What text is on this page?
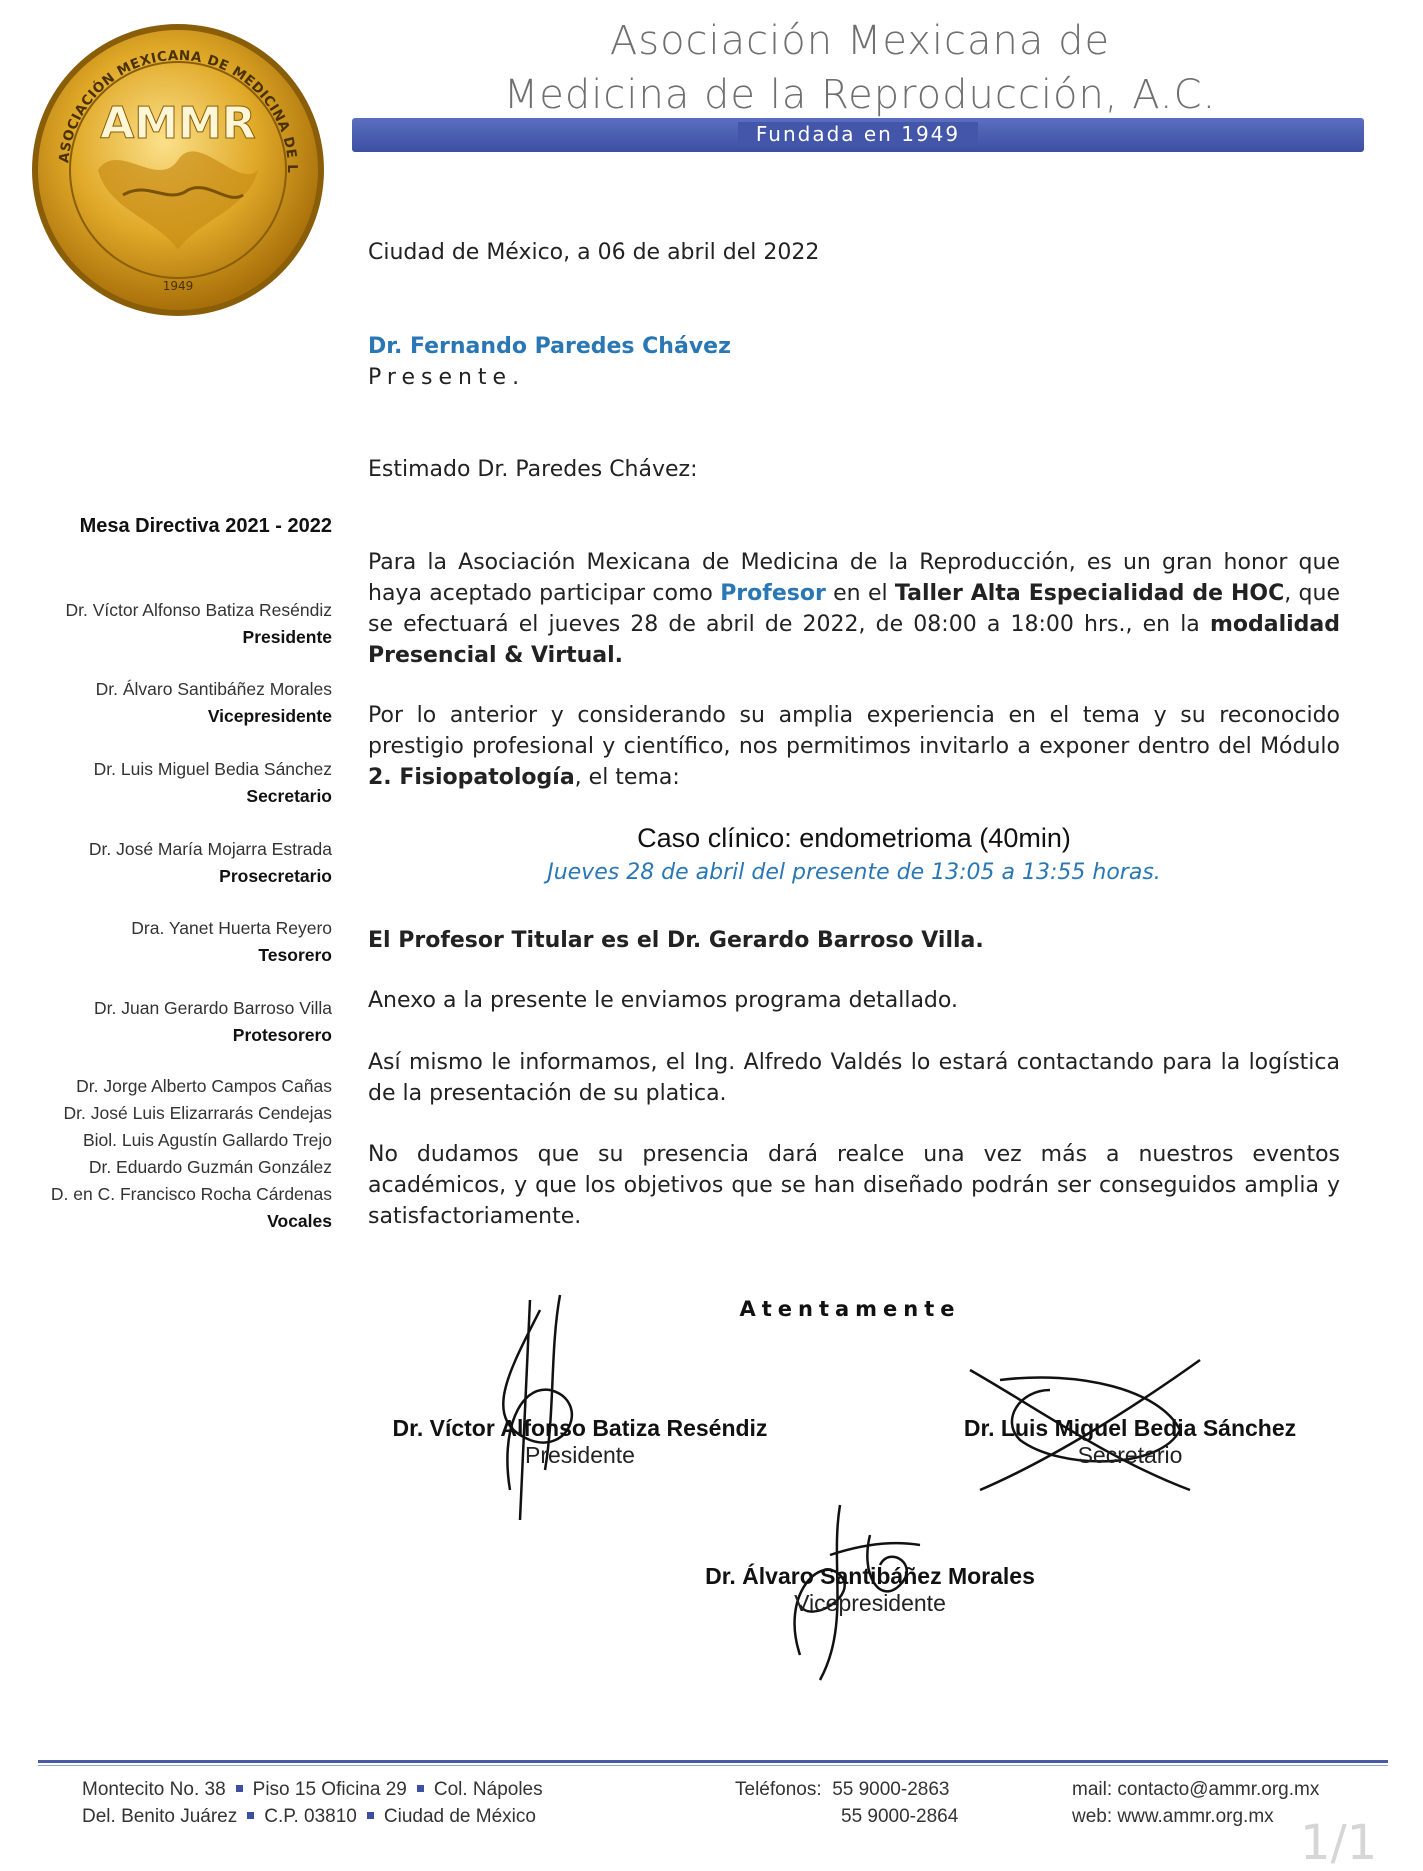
ASOCIACIÓN MEXICANA DE MEDICINA DE L
AMMR
1949
Asociación Mexicana de
Medicina de la Reproducción, A.C.
Fundada en 1949
Mesa Directiva 2021 - 2022
Dr. Víctor Alfonso Batiza Reséndiz
Presidente
Dr. Álvaro Santibáñez Morales
Vicepresidente
Dr. Luis Miguel Bedia Sánchez
Secretario
Dr. José María Mojarra Estrada
Prosecretario
Dra. Yanet Huerta Reyero
Tesorero
Dr. Juan Gerardo Barroso Villa
Protesorero
Dr. Jorge Alberto Campos Cañas
Dr. José Luis Elizarrarás Cendejas
Biol. Luis Agustín Gallardo Trejo
Dr. Eduardo Guzmán González
D. en C. Francisco Rocha Cárdenas
Vocales
Ciudad de México, a 06 de abril del 2022
Dr. Fernando Paredes Chávez
Presente.
Estimado Dr. Paredes Chávez:
Para la Asociación Mexicana de Medicina de la Reproducción, es un gran honor que haya aceptado participar como Profesor en el Taller Alta Especialidad de HOC, que se efectuará el jueves 28 de abril de 2022, de 08:00 a 18:00 hrs., en la modalidad Presencial & Virtual.
Por lo anterior y considerando su amplia experiencia en el tema y su reconocido prestigio profesional y científico, nos permitimos invitarlo a exponer dentro del Módulo 2. Fisiopatología, el tema:
Caso clínico: endometrioma (40min)
Jueves 28 de abril del presente de 13:05 a 13:55 horas.
El Profesor Titular es el Dr. Gerardo Barroso Villa.
Anexo a la presente le enviamos programa detallado.
Así mismo le informamos, el Ing. Alfredo Valdés lo estará contactando para la logística de la presentación de su platica.
No dudamos que su presencia dará realce una vez más a nuestros eventos académicos, y que los objetivos que se han diseñado podrán ser conseguidos amplia y satisfactoriamente.
Atentamente
Dr. Víctor Alfonso Batiza Reséndiz
Presidente
Dr. Luis Miguel Bedia Sánchez
Secretario
Dr. Álvaro Santibáñez Morales
Vicepresidente
Montecito No. 38 Piso 15 Oficina 29 Col. Nápoles
Del. Benito Juárez C.P. 03810 Ciudad de México
Teléfonos: 55 9000-2863
55 9000-2864
mail: contacto@ammr.org.mx
web: www.ammr.org.mx 1/1
